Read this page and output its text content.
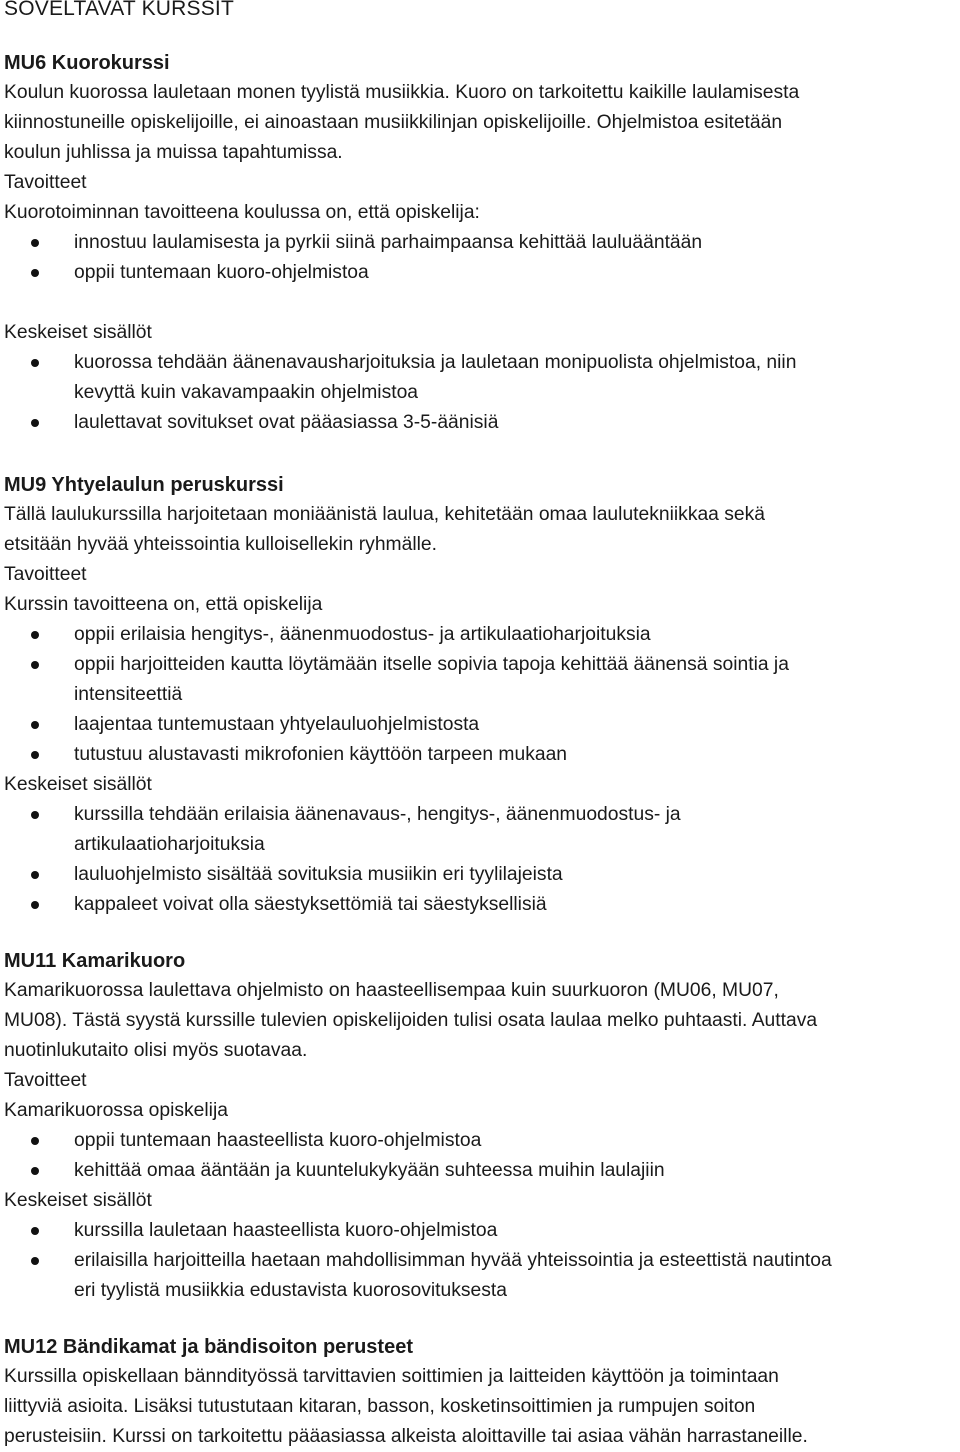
SOVELTAVAT KURSSIT
MU6 Kuorokurssi

Koulun kuorossa lauletaan monen tyylistä musiikkia. Kuoro on tarkoitettu kaikille laulamisesta

kiinnostuneille opiskelijoille, ei ainoastaan musiikkilinjan opiskelijoille. Ohjelmistoa esitetään

koulun juhlissa ja muissa tapahtumissa.

Tavoitteet

Kuorotoiminnan tavoitteena koulussa on, että opiskelija:

innostuu laulamisesta ja pyrkii siinä parhaimpaansa kehittää lauluääntään
oppii tuntemaan kuoro-ohjelmistoa
Keskeiset sisällöt
kuorossa tehdään äänenavausharjoituksia ja lauletaan monipuolista ohjelmistoa, niin
kevyttä kuin vakavampaakin ohjelmistoa
laulettavat sovitukset ovat pääasiassa 3-5-äänisiä
MU9 Yhtyelaulun peruskurssi

Tällä laulukurssilla harjoitetaan moniäänistä laulua, kehitetään omaa laulutekniikkaa sekä

etsitään hyvää yhteissointia kulloisellekin ryhmälle.

Tavoitteet

Kurssin tavoitteena on, että opiskelija

oppii erilaisia hengitys-, äänenmuodostus- ja artikulaatioharjoituksia
oppii harjoitteiden kautta löytämään itselle sopivia tapoja kehittää äänensä sointia ja
intensiteettiä
laajentaa tuntemustaan yhtyelauluohjelmistosta
tutustuu alustavasti mikrofonien käyttöön tarpeen mukaan
Keskeiset sisällöt
kurssilla tehdään erilaisia äänenavaus-, hengitys-, äänenmuodostus- ja
artikulaatioharjoituksia
lauluohjelmisto sisältää sovituksia musiikin eri tyylilajeista
kappaleet voivat olla säestyksettömiä tai säestyksellisiä
MU11 Kamarikuoro

Kamarikuorossa laulettava ohjelmisto on haasteellisempaa kuin suurkuoron (MU06, MU07,

MU08). Tästä syystä kurssille tulevien opiskelijoiden tulisi osata laulaa melko puhtaasti. Auttava

nuotinlukutaito olisi myös suotavaa.

Tavoitteet

Kamarikuorossa opiskelija

oppii tuntemaan haasteellista kuoro-ohjelmistoa
kehittää omaa ääntään ja kuuntelukykyään suhteessa muihin laulajiin
Keskeiset sisällöt
kurssilla lauletaan haasteellista kuoro-ohjelmistoa
erilaisilla harjoitteilla haetaan mahdollisimman hyvää yhteissointia ja esteettistä nautintoa
eri tyylistä musiikkia edustavista kuorosovituksesta
MU12 Bändikamat ja bändisoiton perusteet

Kurssilla opiskellaan bänndityössä tarvittavien soittimien ja laitteiden käyttöön ja toimintaan

liittyviä asioita. Lisäksi tutustutaan kitaran, basson, kosketinsoittimien ja rumpujen soiton

perusteisiin. Kurssi on tarkoitettu pääasiassa alkeista aloittaville tai asiaa vähän harrastaneille.
